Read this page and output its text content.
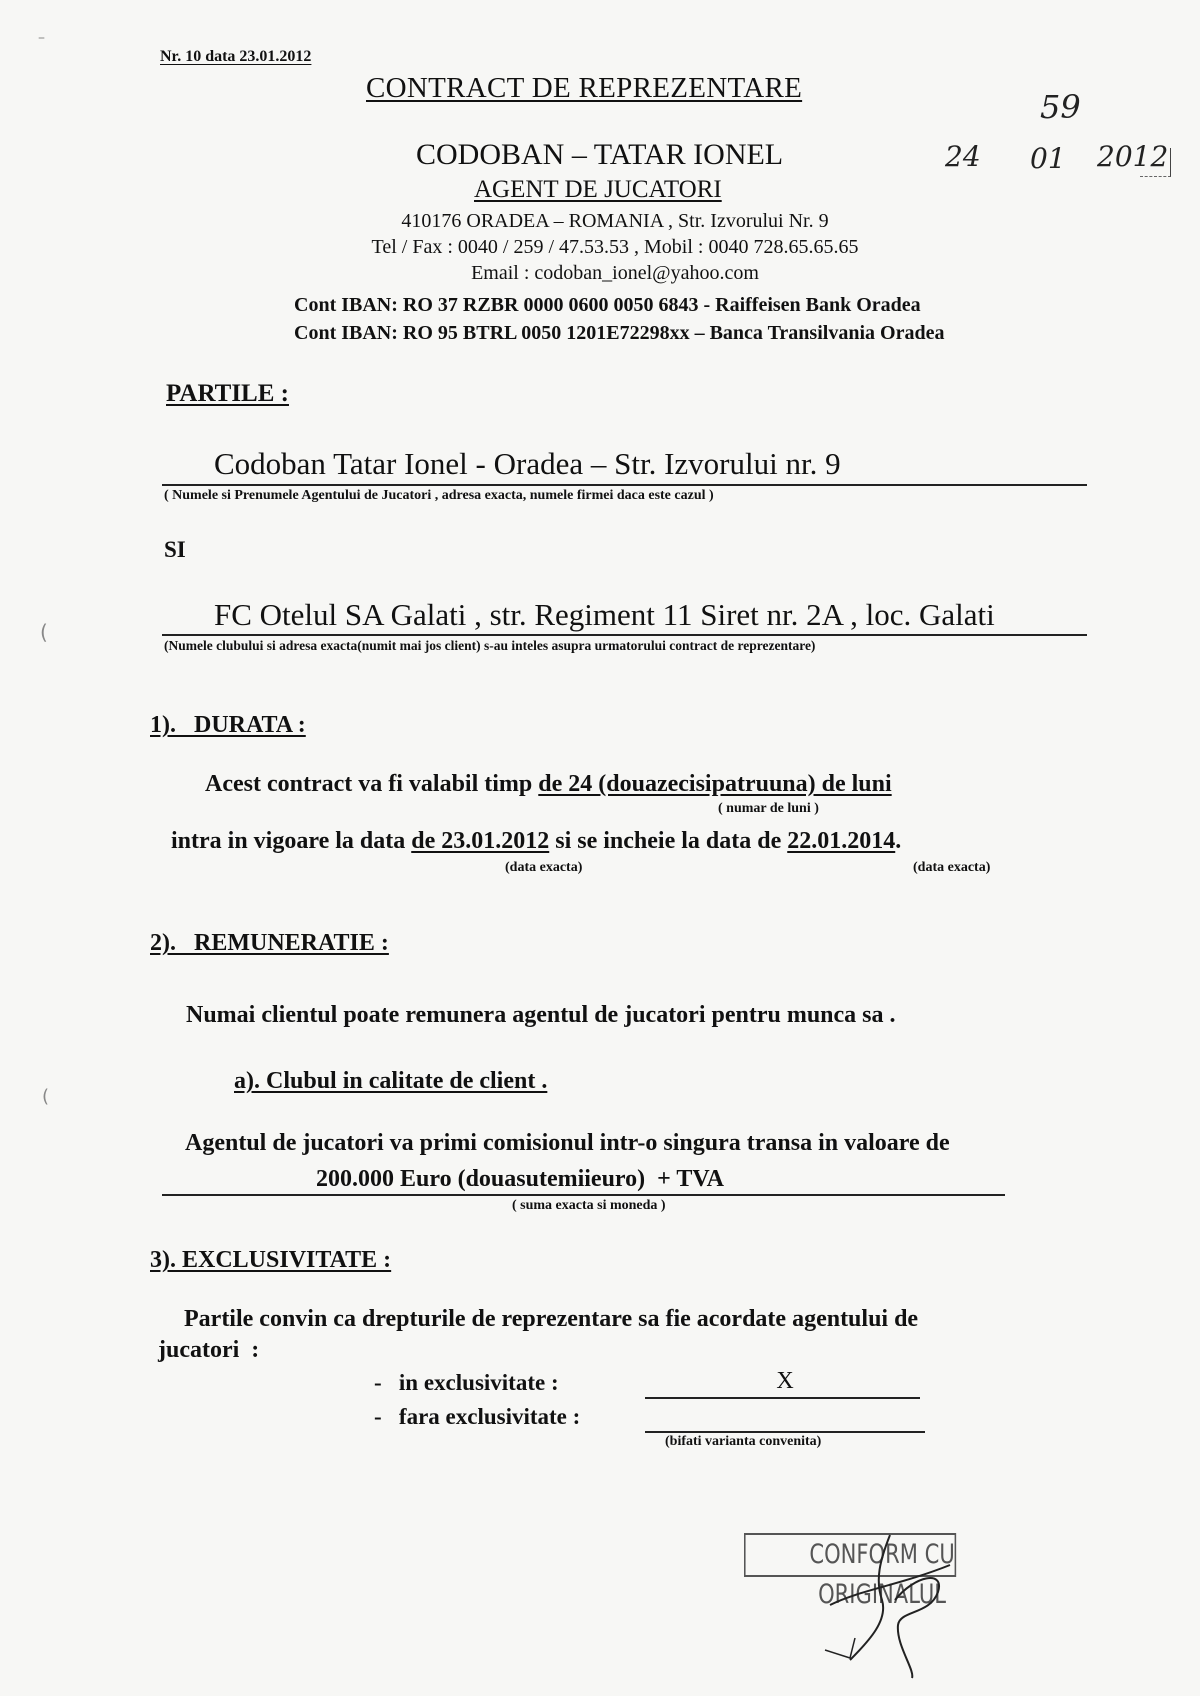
–
(
(
Nr. 10 data 23.01.2012
CONTRACT DE REPREZENTARE
CODOBAN – TATAR IONEL
AGENT DE JUCATORI
410176 ORADEA – ROMANIA , Str. Izvorului Nr. 9
Tel / Fax : 0040 / 259 / 47.53.53 , Mobil : 0040 728.65.65.65
Email : codoban_ionel@yahoo.com
Cont IBAN: RO 37 RZBR 0000 0600 0050 6843 - Raiffeisen Bank Oradea
Cont IBAN: RO 95 BTRL 0050 1201E72298xx – Banca Transilvania Oradea
59
24 01 2012
PARTILE :
Codoban Tatar Ionel - Oradea – Str. Izvorului nr. 9
( Numele si Prenumele Agentului de Jucatori , adresa exacta, numele firmei daca este cazul )
SI
FC Otelul SA Galati , str. Regiment 11 Siret nr. 2A , loc. Galati
(Numele clubului si adresa exacta(numit mai jos client) s-au inteles asupra urmatorului contract de reprezentare)
1).   DURATA :
Acest contract va fi valabil timp de 24 (douazecisipatruuna) de luni
( numar de luni )
intra in vigoare la data de 23.01.2012 si se incheie la data de 22.01.2014.
(data exacta)	(data exacta)
2).   REMUNERATIE :
Numai clientul poate remunera agentul de jucatori pentru munca sa .
a). Clubul in calitate de client .
Agentul de jucatori va primi comisionul intr-o singura transa in valoare de
200.000 Euro (douasutemiieuro)  + TVA
( suma exacta si moneda )
3). EXCLUSIVITATE :
Partile convin ca drepturile de reprezentare sa fie acordate agentului de
jucatori  :
-   in exclusivitate :	X
-   fara exclusivitate :
(bifati varianta convenita)
CONFORM CU ORIGINALUL
